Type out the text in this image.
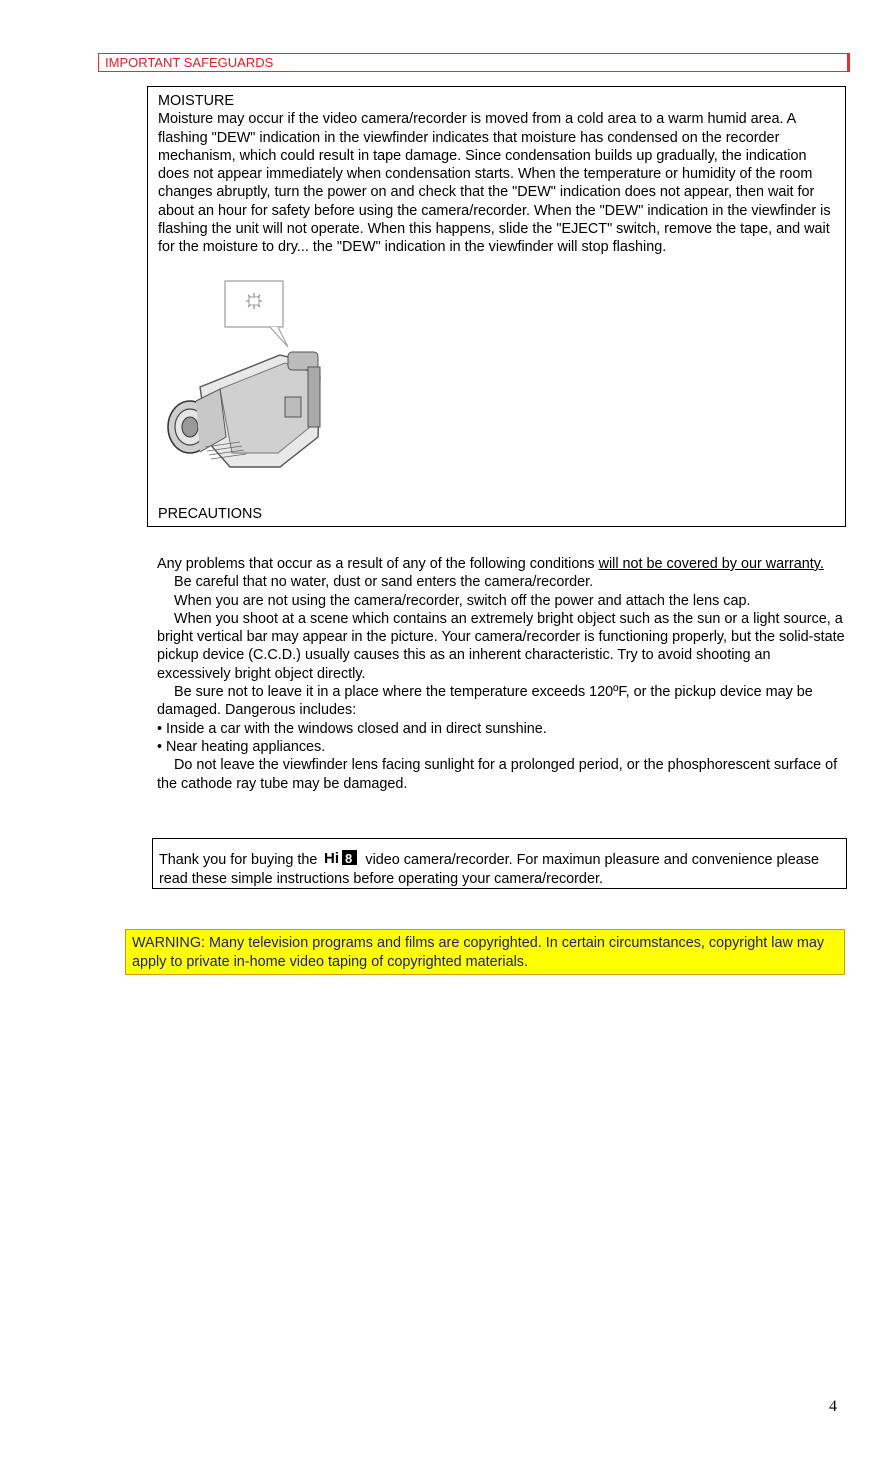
IMPORTANT SAFEGUARDS

MOISTURE

Moisture may occur if the video camera/recorder is moved from a cold area to a warm humid area. A flashing "DEW" indication in the viewfinder indicates that moisture has condensed on the recorder mechanism, which could result in tape damage. Since condensation builds up gradually, the indication does not appear immediately when condensation starts. When the temperature or humidity of the room changes abruptly, turn the power on and check that the "DEW" indication does not appear, then wait for about an hour for safety before using the camera/recorder. When the "DEW" indication in the viewfinder is flashing the unit will not operate. When this happens, slide the "EJECT" switch, remove the tape, and wait for the moisture to dry... the "DEW" indication in the viewfinder will stop flashing.

PRECAUTIONS

Any problems that occur as a result of any of the following conditions will not be covered by our warranty.

Be careful that no water, dust or sand enters the camera/recorder.

When you are not using the camera/recorder, switch off the power and attach the lens cap.

When you shoot at a scene which contains an extremely bright object such as the sun or a light source, a bright vertical bar may appear in the picture. Your camera/recorder is functioning properly, but the solid-state pickup device (C.C.D.) usually causes this as an inherent characteristic. Try to avoid shooting an excessively bright object directly.

Be sure not to leave it in a place where the temperature exceeds 120ºF, or the pickup device may be damaged. Dangerous includes:

• Inside a car with the windows closed and in direct sunshine.

• Near heating appliances.

Do not leave the viewfinder lens facing sunlight for a prolonged period, or the phosphorescent surface of the cathode ray tube may be damaged.

Thank you for buying the Hi 8 video camera/recorder. For maximun pleasure and convenience please read these simple instructions before operating your camera/recorder.
WARNING: Many television programs and films are copyrighted. In certain circumstances, copyright law may apply to private in-home video taping of copyrighted materials.
4
